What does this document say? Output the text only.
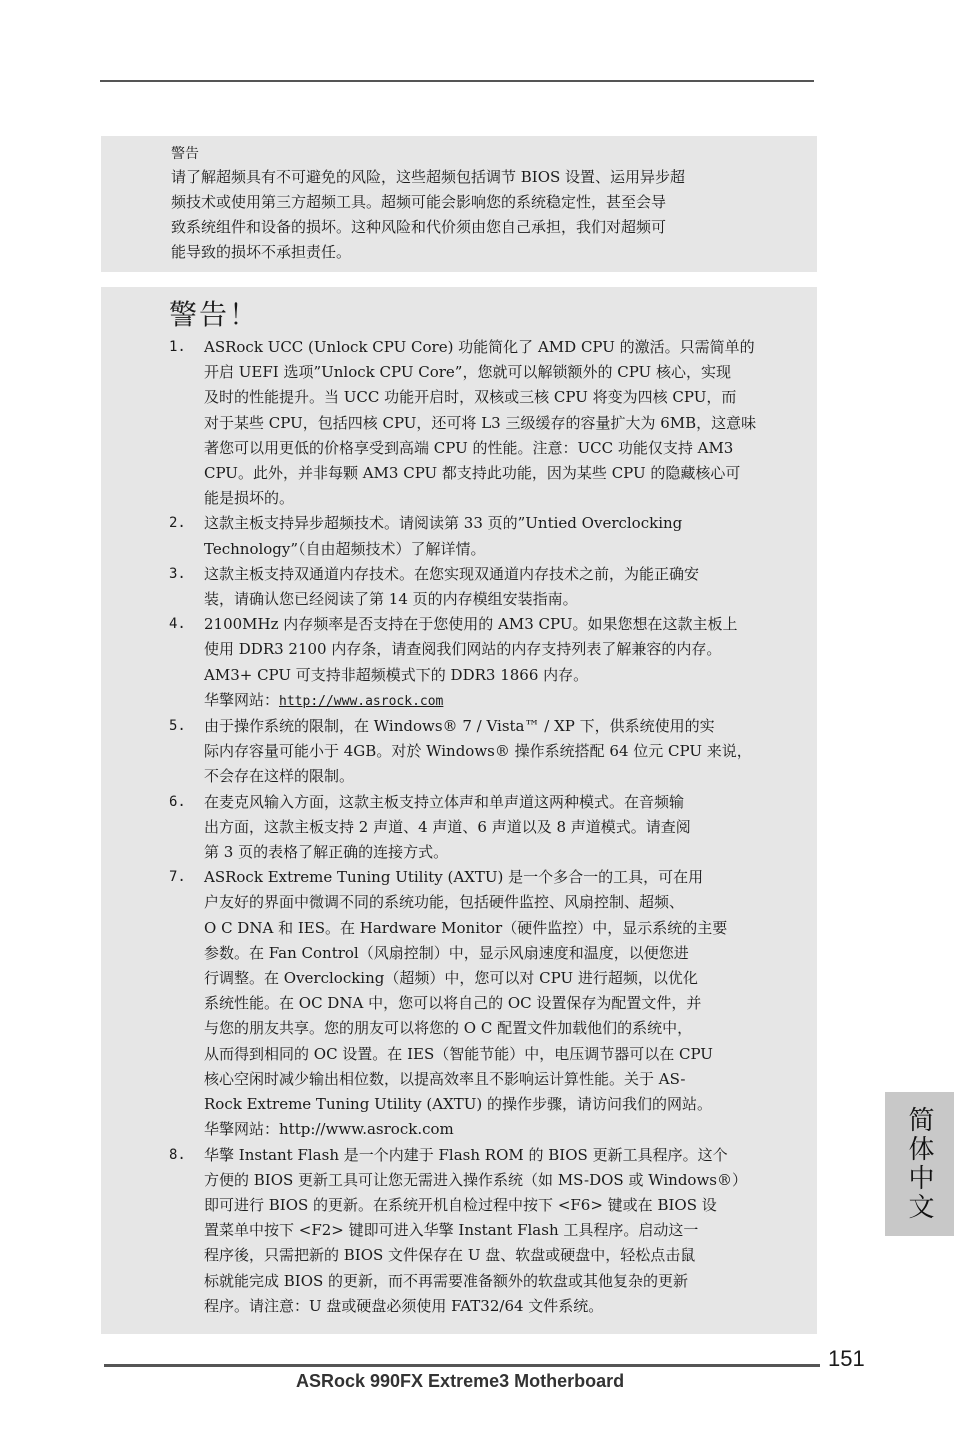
警告
请了解超频具有不可避免的风险，这些超频包括调节 BIOS 设置、运用异步超
频技术或使用第三方超频工具。超频可能会影响您的系统稳定性，甚至会导
致系统组件和设备的损坏。这种风险和代价须由您自己承担，我们对超频可
能导致的损坏不承担责任。
警告！
1. ASRock UCC (Unlock CPU Core) 功能简化了 AMD CPU 的激活。只需简单的
开启 UEFI 选项”Unlock CPU Core”，您就可以解锁额外的 CPU 核心，实现
及时的性能提升。当 UCC 功能开启时，双核或三核 CPU 将变为四核 CPU，而
对于某些 CPU，包括四核 CPU，还可将 L3 三级缓存的容量扩大为 6MB，这意味
著您可以用更低的价格享受到高端 CPU 的性能。注意：UCC 功能仅支持 AM3
CPU。此外，并非每颗 AM3 CPU 都支持此功能，因为某些 CPU 的隐藏核心可
能是损坏的。
2. 这款主板支持异步超频技术。请阅读第 33 页的”Untied Overclocking
Technology”（自由超频技术）了解详情。
3. 这款主板支持双通道内存技术。在您实现双通道内存技术之前，为能正确安
装，请确认您已经阅读了第 14 页的内存模组安装指南。
4. 2100MHz 内存频率是否支持在于您使用的 AM3 CPU。如果您想在这款主板上
使用 DDR3 2100 内存条，请查阅我们网站的内存支持列表了解兼容的内存。
AM3+ CPU 可支持非超频模式下的 DDR3 1866 内存。
华擎网站：http://www.asrock.com
5. 由于操作系统的限制，在 Windows® 7 / Vista™ / XP 下，供系统使用的实
际内存容量可能小于 4GB。对於 Windows® 操作系统搭配 64 位元 CPU 来说，
不会存在这样的限制。
6. 在麦克风输入方面，这款主板支持立体声和单声道这两种模式。在音频输
出方面，这款主板支持 2 声道、4 声道、6 声道以及 8 声道模式。请查阅
第 3 页的表格了解正确的连接方式。
7. ASRock Extreme Tuning Utility (AXTU) 是一个多合一的工具，可在用
户友好的界面中微调不同的系统功能，包括硬件监控、风扇控制、超频、
O C DNA 和 IES。在 Hardware Monitor（硬件监控）中，显示系统的主要
参数。在 Fan Control（风扇控制）中，显示风扇速度和温度，以便您进
行调整。在 Overclocking（超频）中，您可以对 CPU 进行超频，以优化
系统性能。在 OC DNA 中，您可以将自己的 OC 设置保存为配置文件，并
与您的朋友共享。您的朋友可以将您的 O C 配置文件加载他们的系统中，
从而得到相同的 OC 设置。在 IES（智能节能）中，电压调节器可以在 CPU
核心空闲时减少输出相位数，以提高效率且不影响运计算性能。关于 AS-
Rock Extreme Tuning Utility (AXTU) 的操作步骤，请访问我们的网站。
华擎网站：http://www.asrock.com
8. 华擎 Instant Flash 是一个内建于 Flash ROM 的 BIOS 更新工具程序。这个
方便的 BIOS 更新工具可让您无需进入操作系统（如 MS-DOS 或 Windows®）
即可进行 BIOS 的更新。在系统开机自检过程中按下 <F6> 键或在 BIOS 设
置菜单中按下 <F2> 键即可进入华擎 Instant Flash 工具程序。启动这一
程序後，只需把新的 BIOS 文件保存在 U 盘、软盘或硬盘中，轻松点击鼠
标就能完成 BIOS 的更新，而不再需要准备额外的软盘或其他复杂的更新
程序。请注意：U 盘或硬盘必须使用 FAT32/64 文件系统。
简体中文
151
ASRock 990FX Extreme3 Motherboard
